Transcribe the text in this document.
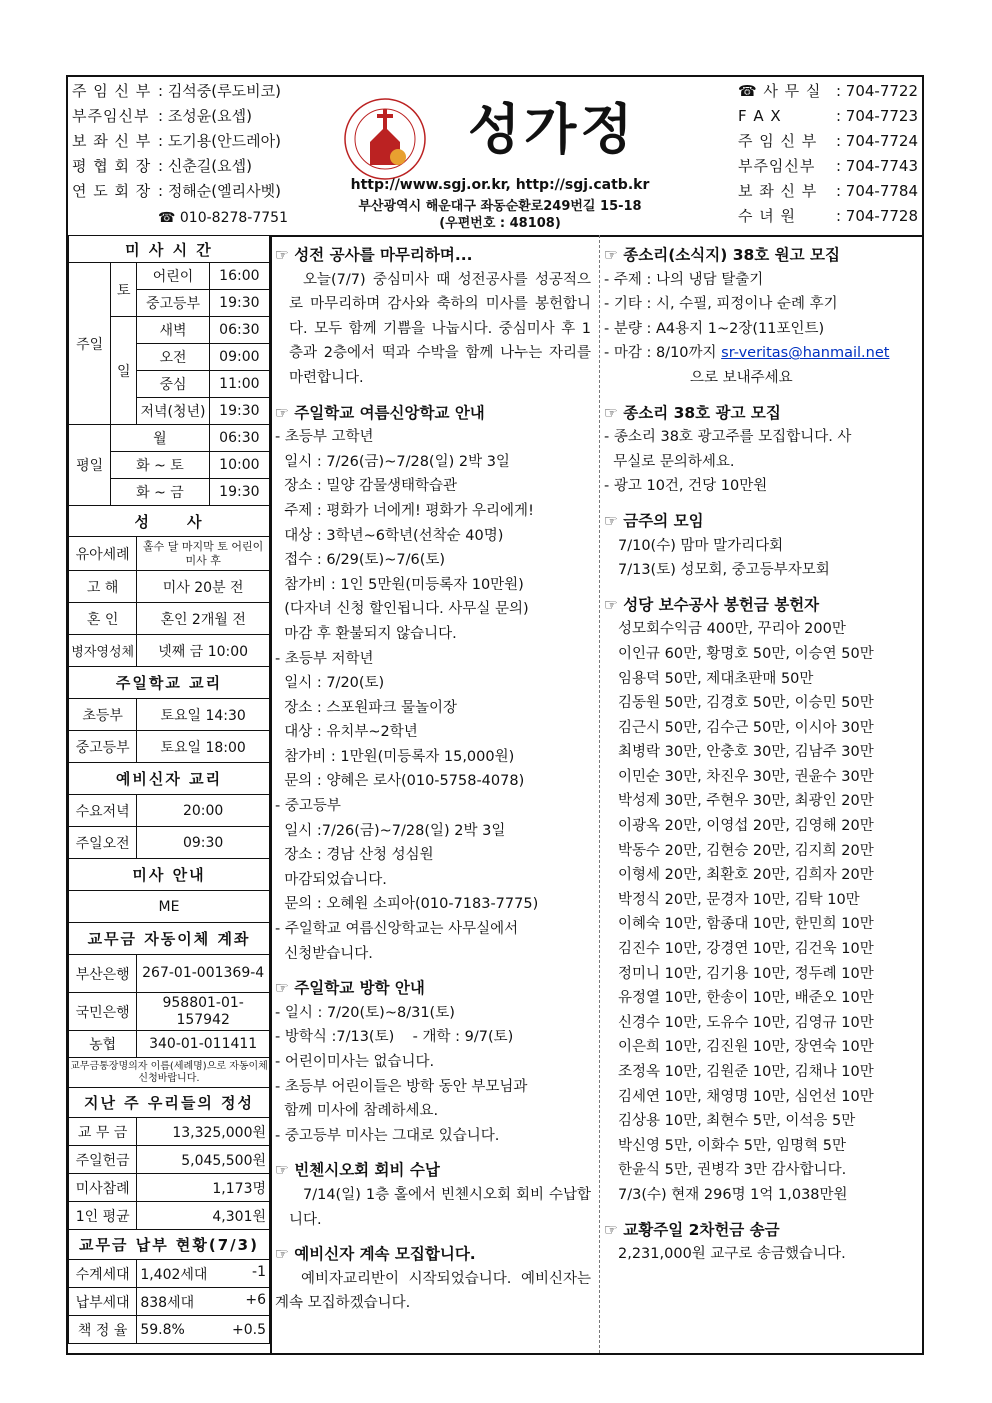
주 임 신 부 : 김석중(루도비코)
부주임신부 : 조성윤(요셉)
보 좌 신 부 : 도기용(안드레아)
평 협 회 장 : 신춘길(요셉)
연 도 회 장 : 정해순(엘리사벳)
☎ 010-8278-7751
성가정
http://www.sgj.or.kr, http://sgj.catb.kr
부산광역시 해운대구 좌동순환로249번길 15-18
(우편번호 : 48108)
☎ 사 무 실 : 704-7722
F A X	: 704-7723
주 임 신 부 : 704-7724
부주임신부 : 704-7743
보 좌 신 부 : 704-7784
수 녀 원	: 704-7728
미 사 시 간			
주일	토	어린이	16:00
		중고등부	19:30
	일	새벽	06:30
		오전	09:00
		중심	11:00
		저녁(청년)	19:30
평일	월		06:30
	화 ~ 토		10:00
	화 ~ 금		19:30
성     사			
유아세례		홀수 달 마지막 토 어린이 미사 후	
고 해		미사 20분 전	
혼 인		혼인 2개월 전	
병자영성체		넷째 금 10:00	
주일학교 교리			
초등부		토요일 14:30	
중고등부		토요일 18:00	
예비신자 교리			
수요저녁		20:00	
주일오전		09:30	
미사 안내			
ME			
교무금 자동이체 계좌			
부산은행		267-01-001369-4	
국민은행		958801-01-157942	
농협		340-01-011411	
교무금통장명의자 이름(세례명)으로 자동이체 신청바랍니다.			
지난 주 우리들의 정성			
교 무 금		13,325,000원	
주일헌금		5,045,500원	
미사참례		1,173명	
1인 평균		4,301원	
교무금 납부 현황(7/3)			
수계세대		1,402세대 -1	

납부세대		838세대 +6	

책 정 율		59.8% +0.5	
☞ 성전 공사를 마무리하며...
오늘(7/7) 중심미사 때 성전공사를 성공적으로 마무리하며 감사와 축하의 미사를 봉헌합니다. 모두 함께 기쁨을 나눕시다. 중심미사 후 1층과 2층에서 떡과 수박을 함께 나누는 자리를 마련합니다.
☞ 주일학교 여름신앙학교 안내
- 초등부 고학년
일시 : 7/26(금)~7/28(일) 2박 3일
장소 : 밀양 감물생태학습관
주제 : 평화가 너에게! 평화가 우리에게!
대상 : 3학년~6학년(선착순 40명)
접수 : 6/29(토)~7/6(토)
참가비 : 1인 5만원(미등록자 10만원)
(다자녀 신청 할인됩니다. 사무실 문의)
마감 후 환불되지 않습니다.
- 초등부 저학년
일시 : 7/20(토)
장소 : 스포원파크 물놀이장
대상 : 유치부~2학년
참가비 : 1만원(미등록자 15,000원)
문의 : 양혜은 로사(010-5758-4078)
- 중고등부
일시 :7/26(금)~7/28(일) 2박 3일
장소 : 경남 산청 성심원
마감되었습니다.
문의 : 오혜원 소피아(010-7183-7775)
- 주일학교 여름신앙학교는 사무실에서
신청받습니다.
☞ 주일학교 방학 안내
- 일시 : 7/20(토)~8/31(토)
- 방학식 :7/13(토)    - 개학 : 9/7(토)
- 어린이미사는 없습니다.
- 초등부 어린이들은 방학 동안 부모님과
함께 미사에 참례하세요.
- 중고등부 미사는 그대로 있습니다.
☞ 빈첸시오회 회비 수납
7/14(일) 1층 홀에서 빈첸시오회 회비 수납합니다.
☞ 예비신자 계속 모집합니다.
예비자교리반이 시작되었습니다. 예비신자는 계속 모집하겠습니다.
☞ 종소리(소식지) 38호 원고 모집
- 주제 : 나의 냉담 탈출기
- 기타 : 시, 수필, 피정이나 순례 후기
- 분량 : A4용지 1~2장(11포인트)
- 마감 : 8/10까지 sr-veritas@hanmail.net
으로 보내주세요
☞ 종소리 38호 광고 모집
- 종소리 38호 광고주를 모집합니다. 사
무실로 문의하세요.
- 광고 10건, 건당 10만원
☞ 금주의 모임
7/10(수) 맘마 말가리다회
7/13(토) 성모회, 중고등부자모회
☞ 성당 보수공사 봉헌금 봉헌자
성모회수익금 400만, 꾸리아 200만
이인규 60만, 황명호 50만, 이승연 50만
임용덕 50만, 제대초판매 50만
김동원 50만, 김경호 50만, 이승민 50만
김근시 50만, 김수근 50만, 이시아 30만
최병락 30만, 안충호 30만, 김남주 30만
이민순 30만, 차진우 30만, 권윤수 30만
박성제 30만, 주현우 30만, 최광인 20만
이광옥 20만, 이영섭 20만, 김영해 20만
박동수 20만, 김현승 20만, 김지희 20만
이형세 20만, 최환호 20만, 김희자 20만
박정식 20만, 문경자 10만, 김탁 10만
이혜숙 10만, 함종대 10만, 한민희 10만
김진수 10만, 강경연 10만, 김건욱 10만
정미니 10만, 김기용 10만, 정두례 10만
유정열 10만, 한송이 10만, 배준오 10만
신경수 10만, 도유수 10만, 김영규 10만
이은희 10만, 김진원 10만, 장연숙 10만
조정옥 10만, 김원준 10만, 김채나 10만
김세연 10만, 채영명 10만, 심언선 10만
김상용 10만, 최현수 5만, 이석응 5만
박신영 5만, 이화수 5만, 임명혁 5만
한윤식 5만, 권병각 3만 감사합니다.
7/3(수) 현재 296명 1억 1,038만원
☞ 교황주일 2차헌금 송금
2,231,000원 교구로 송금했습니다.
